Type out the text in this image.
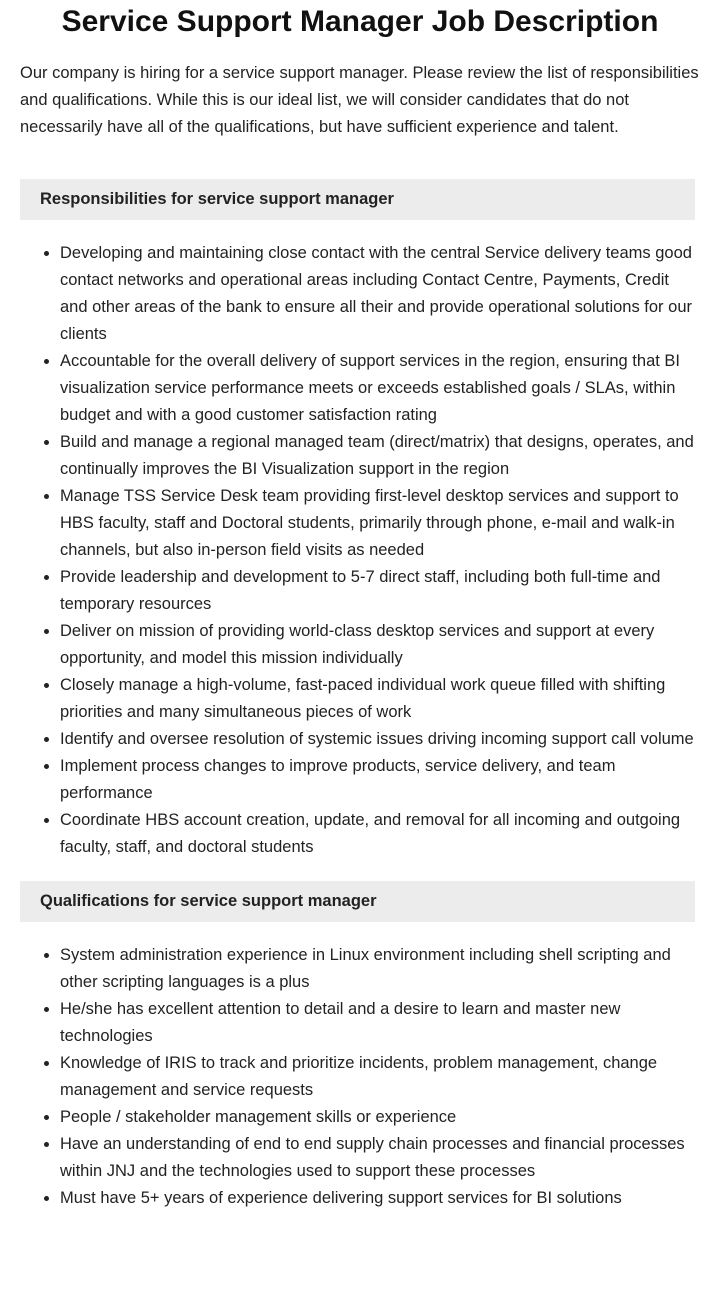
Service Support Manager Job Description

Our company is hiring for a service support manager. Please review the list of responsibilities and qualifications. While this is our ideal list, we will consider candidates that do not necessarily have all of the qualifications, but have sufficient experience and talent.

Responsibilities for service support manager
• Developing and maintaining close contact with the central Service delivery teams good contact networks and operational areas including Contact Centre, Payments, Credit and other areas of the bank to ensure all their and provide operational solutions for our clients
• Accountable for the overall delivery of support services in the region, ensuring that BI visualization service performance meets or exceeds established goals / SLAs, within budget and with a good customer satisfaction rating
• Build and manage a regional managed team (direct/matrix) that designs, operates, and continually improves the BI Visualization support in the region
• Manage TSS Service Desk team providing first-level desktop services and support to HBS faculty, staff and Doctoral students, primarily through phone, e-mail and walk-in channels, but also in-person field visits as needed
• Provide leadership and development to 5-7 direct staff, including both full-time and temporary resources
• Deliver on mission of providing world-class desktop services and support at every opportunity, and model this mission individually
• Closely manage a high-volume, fast-paced individual work queue filled with shifting priorities and many simultaneous pieces of work
• Identify and oversee resolution of systemic issues driving incoming support call volume
• Implement process changes to improve products, service delivery, and team performance
• Coordinate HBS account creation, update, and removal for all incoming and outgoing faculty, staff, and doctoral students
Qualifications for service support manager
• System administration experience in Linux environment including shell scripting and other scripting languages is a plus
• He/she has excellent attention to detail and a desire to learn and master new technologies
• Knowledge of IRIS to track and prioritize incidents, problem management, change management and service requests
• People / stakeholder management skills or experience
• Have an understanding of end to end supply chain processes and financial processes within JNJ and the technologies used to support these processes
• Must have 5+ years of experience delivering support services for BI solutions
